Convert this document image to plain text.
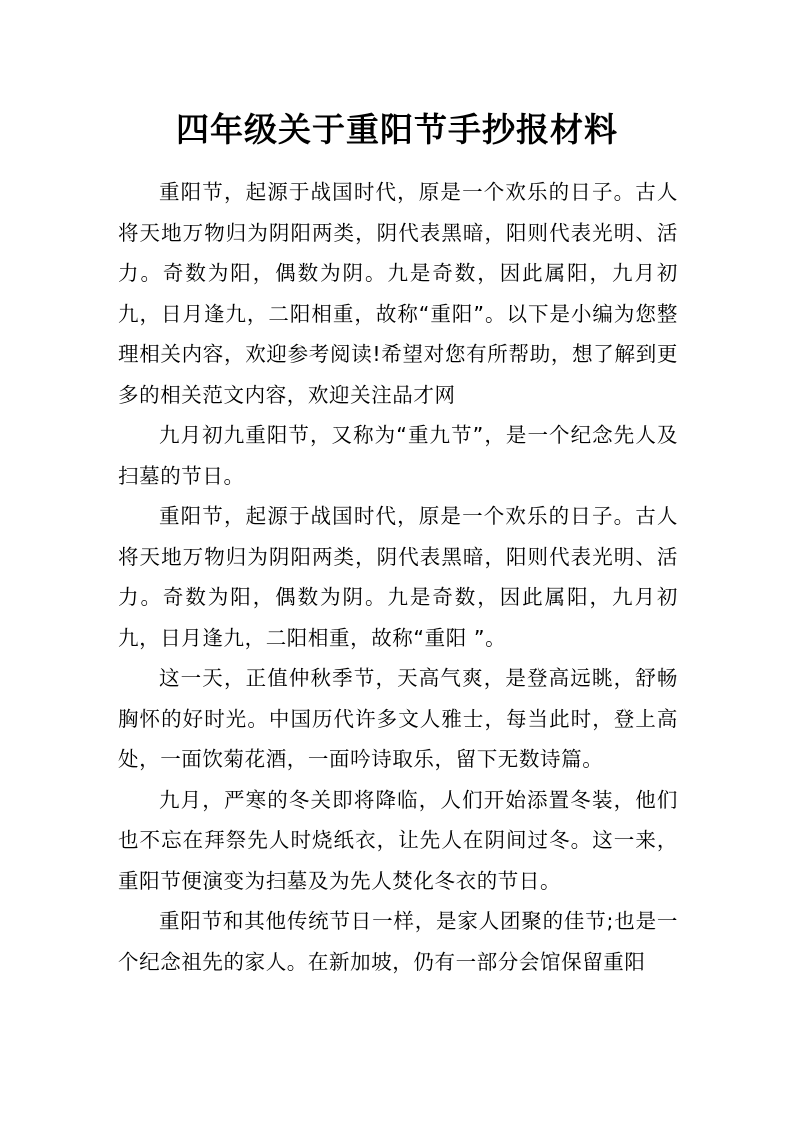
四年级关于重阳节手抄报材料

重阳节，起源于战国时代，原是一个欢乐的日子。古人将天地万物归为阴阳两类，阴代表黑暗，阳则代表光明、活力。奇数为阳，偶数为阴。九是奇数，因此属阳，九月初九，日月逢九，二阳相重，故称“重阳”。以下是小编为您整理相关内容，欢迎参考阅读!希望对您有所帮助，想了解到更多的相关范文内容，欢迎关注品才网

九月初九重阳节，又称为“重九节”，是一个纪念先人及扫墓的节日。

重阳节，起源于战国时代，原是一个欢乐的日子。古人将天地万物归为阴阳两类，阴代表黑暗，阳则代表光明、活力。奇数为阳，偶数为阴。九是奇数，因此属阳，九月初九，日月逢九，二阳相重，故称“重阳 ”。

这一天，正值仲秋季节，天高气爽，是登高远眺，舒畅胸怀的好时光。中国历代许多文人雅士，每当此时，登上高处，一面饮菊花酒，一面吟诗取乐，留下无数诗篇。

九月，严寒的冬关即将降临，人们开始添置冬装，他们也不忘在拜祭先人时烧纸衣，让先人在阴间过冬。这一来，重阳节便演变为扫墓及为先人焚化冬衣的节日。

重阳节和其他传统节日一样，是家人团聚的佳节;也是一个纪念祖先的家人。在新加坡，仍有一部分会馆保留重阳
